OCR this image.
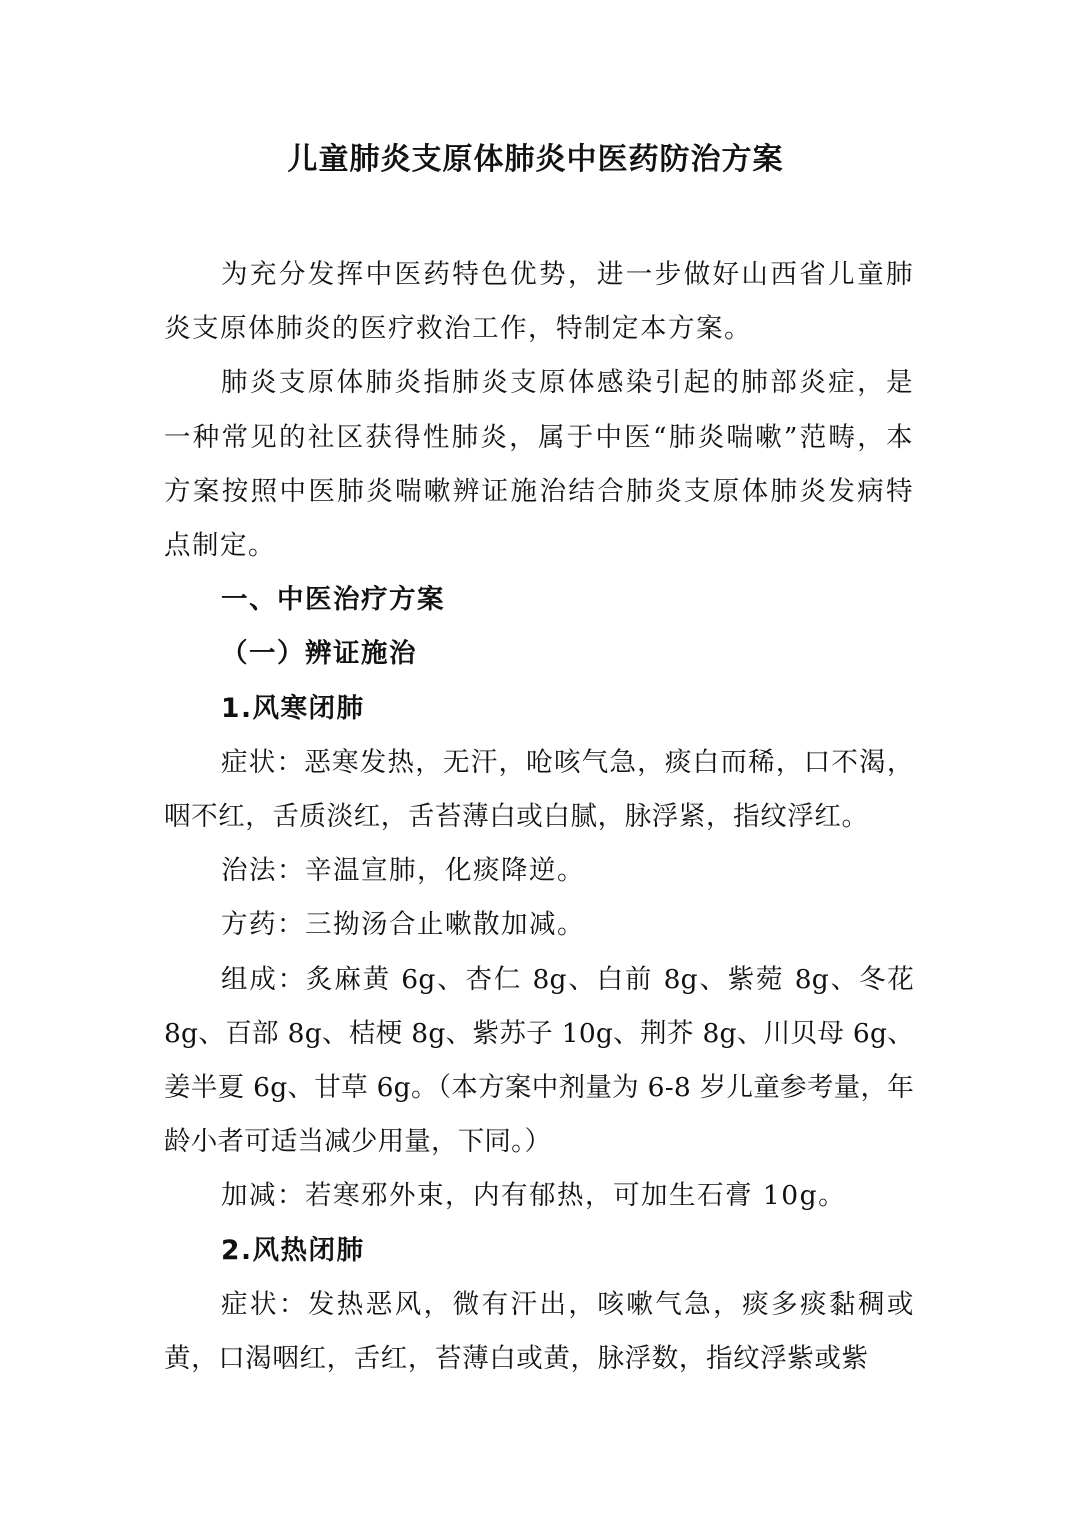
儿童肺炎支原体肺炎中医药防治方案

为充分发挥中医药特色优势，进一步做好山西省儿童肺炎支原体肺炎的医疗救治工作，特制定本方案。

肺炎支原体肺炎指肺炎支原体感染引起的肺部炎症，是一种常见的社区获得性肺炎，属于中医“肺炎喘嗽”范畴，本方案按照中医肺炎喘嗽辨证施治结合肺炎支原体肺炎发病特点制定。

一、中医治疗方案

（一）辨证施治

1.风寒闭肺

症状：恶寒发热，无汗，呛咳气急，痰白而稀，口不渴，咽不红，舌质淡红，舌苔薄白或白腻，脉浮紧，指纹浮红。

治法：辛温宣肺，化痰降逆。

方药：三拗汤合止嗽散加减。

组成：炙麻黄 6g、杏仁 8g、白前 8g、紫菀 8g、冬花 8g、百部 8g、桔梗 8g、紫苏子 10g、荆芥 8g、川贝母 6g、姜半夏 6g、甘草 6g。（本方案中剂量为 6-8 岁儿童参考量，年龄小者可适当减少用量，下同。）

加减：若寒邪外束，内有郁热，可加生石膏 10g。

2.风热闭肺

症状：发热恶风，微有汗出，咳嗽气急，痰多痰黏稠或黄，口渴咽红，舌红，苔薄白或黄，脉浮数，指纹浮紫或紫
